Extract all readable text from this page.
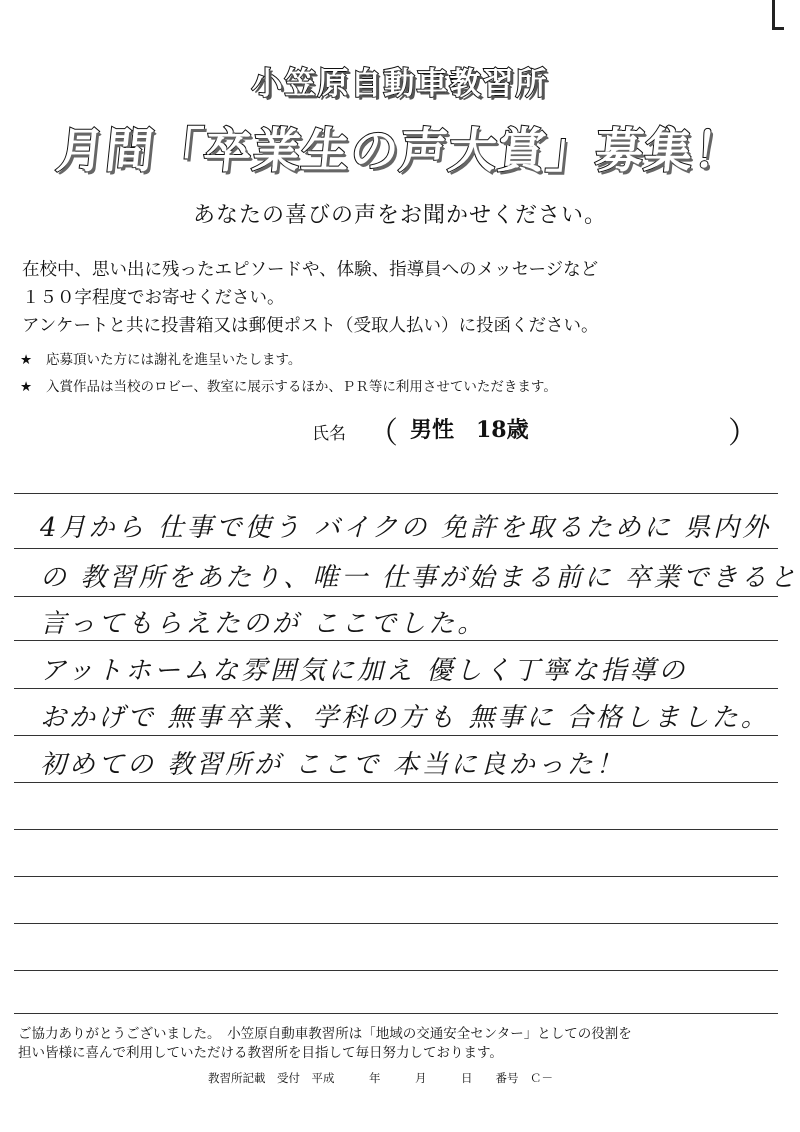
小笠原自動車教習所
月間「卒業生の声大賞」募集！
あなたの喜びの声をお聞かせください。
在校中、思い出に残ったエピソードや、体験、指導員へのメッセージなど
１５０字程度でお寄せください。
アンケートと共に投書箱又は郵便ポスト（受取人払い）に投函ください。
★ 応募頂いた方には謝礼を進呈いたします。
★ 入賞作品は当校のロビー、教室に展示するほか、ＰＲ等に利用させていただきます。
氏名 （ 男性　18歳	）
4月から 仕事で使う バイクの 免許を取るために 県内外
の 教習所をあたり、唯一 仕事が始まる前に 卒業できると
言ってもらえたのが ここでした。
アットホームな雰囲気に加え 優しく丁寧な指導の
おかげで 無事卒業、学科の方も 無事に 合格しました。
初めての 教習所が ここで 本当に良かった！
ご協力ありがとうございました。　小笠原自動車教習所は「地域の交通安全センター」としての役割を
担い皆様に喜んで利用していただける教習所を目指して毎日努力しております。
教習所記載　受付　平成　　　年　　　月　　　日　　番号　Ｃ－
